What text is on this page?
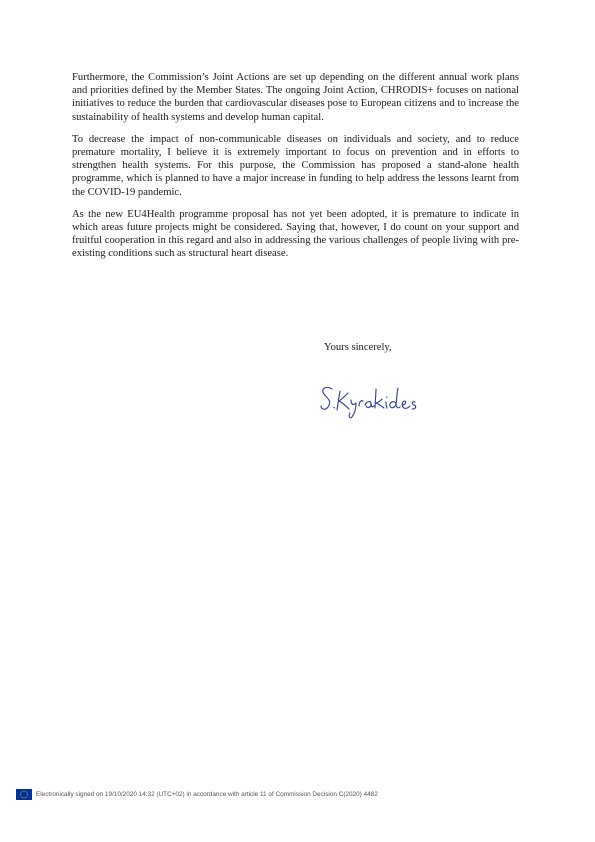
Furthermore, the Commission’s Joint Actions are set up depending on the different annual work plans and priorities defined by the Member States. The ongoing Joint Action, CHRODIS+ focuses on national initiatives to reduce the burden that cardiovascular diseases pose to European citizens and to increase the sustainability of health systems and develop human capital.

To decrease the impact of non-communicable diseases on individuals and society, and to reduce premature mortality, I believe it is extremely important to focus on prevention and in efforts to strengthen health systems. For this purpose, the Commission has proposed a stand-alone health programme, which is planned to have a major increase in funding to help address the lessons learnt from the COVID-19 pandemic.

As the new EU4Health programme proposal has not yet been adopted, it is premature to indicate in which areas future projects might be considered. Saying that, however, I do count on your support and fruitful cooperation in this regard and also in addressing the various challenges of people living with pre-existing conditions such as structural heart disease.

Yours sincerely,
Electronically signed on 19/10/2020 14:32 (UTC+02) in accordance with article 11 of Commission Decision C(2020) 4482
